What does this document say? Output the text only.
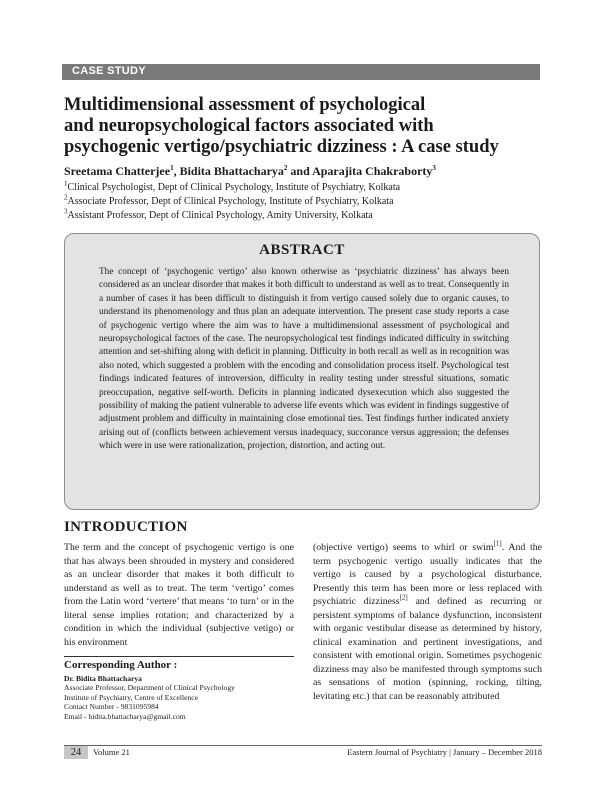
CASE STUDY
Multidimensional assessment of psychological
and neuropsychological factors associated with
psychogenic vertigo/psychiatric dizziness : A case study
Sreetama Chatterjee$^1$, Bidita Bhattacharya$^2$ and Aparajita Chakraborty$^3$
$^1$Clinical Psychologist, Dept of Clinical Psychology, Institute of Psychiatry, Kolkata
$^2$Associate Professor, Dept of Clinical Psychology, Institute of Psychiatry, Kolkata
$^3$Assistant Professor, Dept of Clinical Psychology, Amity University, Kolkata
ABSTRACT

The concept of ‘psychogenic vertigo’ also known otherwise as ‘psychiatric dizziness’ has always been considered as an unclear disorder that makes it both difficult to understand as well as to treat. Consequently in a number of cases it has been difficult to distinguish it from vertigo caused solely due to organic causes, to understand its phenomenology and thus plan an adequate intervention. The present case study reports a case of psychogenic vertigo where the aim was to have a multidimensional assessment of psychological and neuropsychological factors of the case. The neuropsychological test findings indicated difficulty in switching attention and set-shifting along with deficit in planning. Difficulty in both recall as well as in recognition was also noted, which suggested a problem with the encoding and consolidation process itself. Psychological test findings indicated features of introversion, difficulty in reality testing under stressful situations, somatic preoccupation, negative self-worth. Deficits in planning indicated dysexecution which also suggested the possibility of making the patient vulnerable to adverse life events which was evident in findings suggestive of adjustment problem and difficulty in maintaining close emotional ties. Test findings further indicated anxiety arising out of (conflicts between achievement versus inadequacy, succorance versus aggression; the defenses which were in use were rationalization, projection, distortion, and acting out.

INTRODUCTION

The term and the concept of psychogenic vertigo is one that has always been shrouded in mystery and considered as an unclear disorder that makes it both difficult to understand as well as to treat. The term ‘vertigo’ comes from the Latin word ‘vertere’ that means ‘to turn’ or in the literal sense implies rotation; and characterized by a condition in which the individual (subjective vetigo) or his environment

(objective vertigo) seems to whirl or swim[1]. And the term psychogenic vertigo usually indicates that the vertigo is caused by a psychological disturbance. Presently this term has been more or less replaced with psychiatric dizziness[2] and defined as recurring or persistent symptoms of balance dysfunction, inconsistent with organic vestibular disease as determined by history, clinical examination and pertinent investigations, and consistent with emotional origin. Sometimes psychogenic dizziness may also be manifested through symptoms such as sensations of motion (spinning, rocking, tilting, levitating etc.) that can be reasonably attributed

Corresponding Author :
Dr. Bidita Bhattacharya
Associate Professor, Department of Clinical Psychology
Institute of Psychiatry, Centre of Excellence
Contact Number - 9831095984
Email - bidita.bhattacharya@gmail.com
24	Volume 21	Eastern Journal of Psychiatry | January – December 2018
